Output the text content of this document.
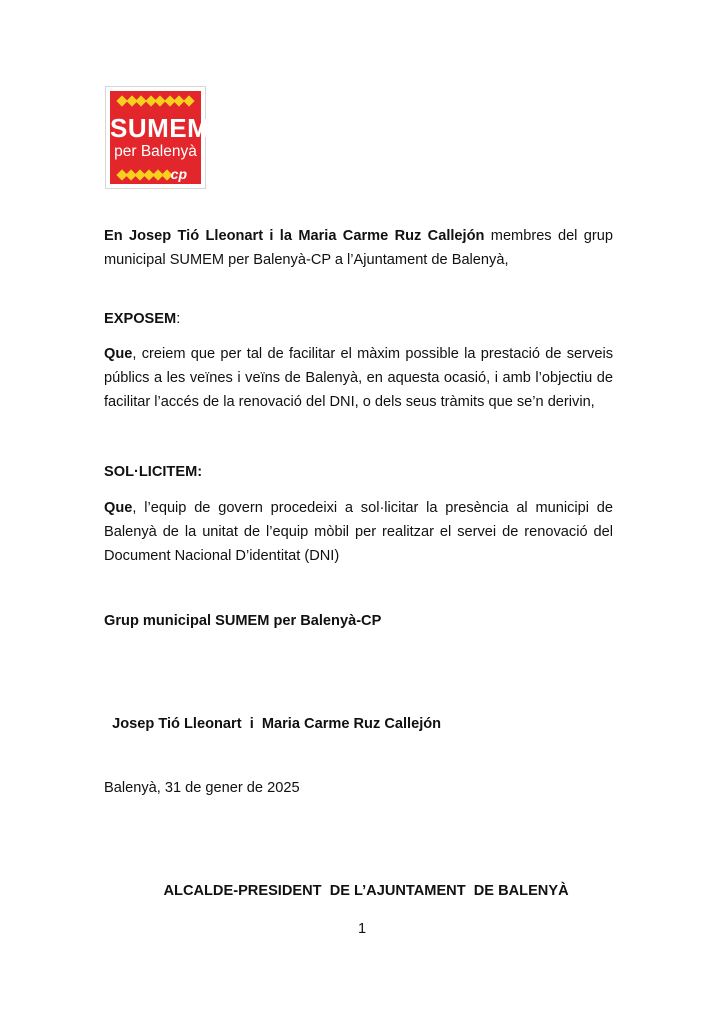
SUMEM
per Balenyà
cp

En Josep Tió Lleonart i la Maria Carme Ruz Callejón membres del grup municipal SUMEM per Balenyà-CP a l’Ajuntament de Balenyà,

EXPOSEM:

Que, creiem que per tal de facilitar el màxim possible la prestació de serveis públics a les veïnes i veïns de Balenyà, en aquesta ocasió, i amb l’objectiu de facilitar l’accés de la renovació del DNI, o dels seus tràmits que se’n derivin,

SOL·LICITEM:

Que, l’equip de govern procedeixi a sol·licitar la presència al municipi de Balenyà de la unitat de l’equip mòbil per realitzar el servei de renovació del Document Nacional D’identitat (DNI)

Grup municipal SUMEM per Balenyà-CP

Josep Tió Lleonart  i  Maria Carme Ruz Callejón

Balenyà, 31 de gener de 2025

ALCALDE-PRESIDENT  DE L’AJUNTAMENT  DE BALENYÀ

1
